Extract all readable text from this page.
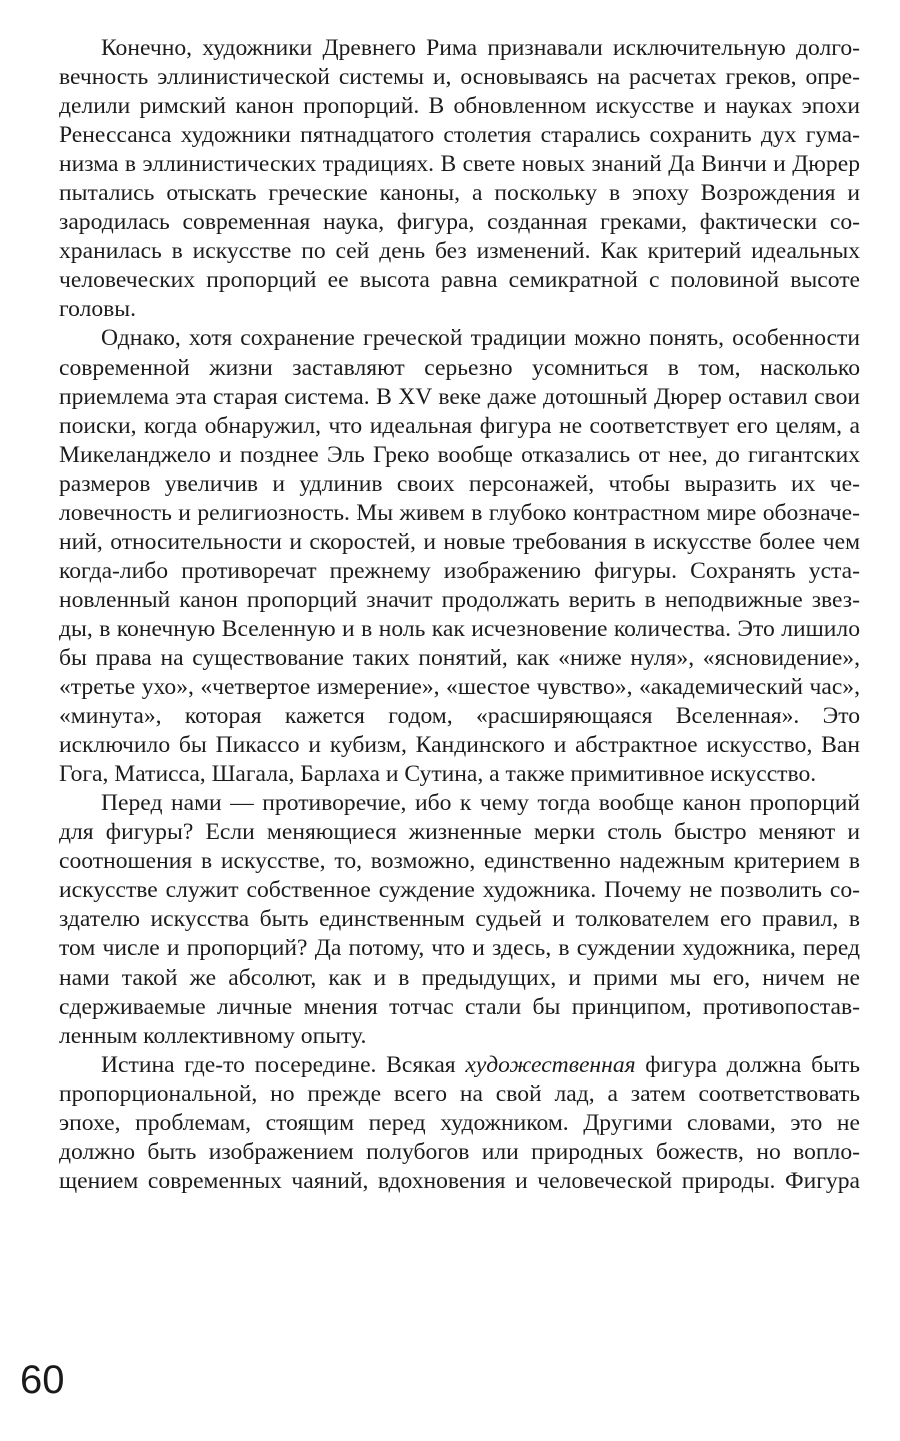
Конечно, художники Древнего Рима признавали исключительную долговечность эллинистической системы и, основываясь на расчетах греков, определили римский канон пропорций. В обновленном искусстве и науках эпохи Ренессанса художники пятнадцатого столетия старались сохранить дух гуманизма в эллинистических традициях. В свете новых знаний Да Винчи и Дюрер пытались отыскать греческие каноны, а поскольку в эпоху Возрождения и зародилась современная наука, фигура, созданная греками, фактически сохранилась в искусстве по сей день без изменений. Как критерий идеальных человеческих пропорций ее высота равна семикратной с половиной высоте головы.

Однако, хотя сохранение греческой традиции можно понять, особенности современной жизни заставляют серьезно усомниться в том, насколько приемлема эта старая система. В XV веке даже дотошный Дюрер оставил свои поиски, когда обнаружил, что идеальная фигура не соответствует его целям, а Микеланджело и позднее Эль Греко вообще отказались от нее, до гигантских размеров увеличив и удлинив своих персонажей, чтобы выразить их человечность и религиозность. Мы живем в глубоко контрастном мире обозначений, относительности и скоростей, и новые требования в искусстве более чем когда-либо противоречат прежнему изображению фигуры. Сохранять установленный канон пропорций значит продолжать верить в неподвижные звезды, в конечную Вселенную и в ноль как исчезновение количества. Это лишило бы права на существование таких понятий, как «ниже нуля», «ясновидение», «третье ухо», «четвертое измерение», «шестое чувство», «академический час», «минута», которая кажется годом, «расширяющаяся Вселенная». Это исключило бы Пикассо и кубизм, Кандинского и абстрактное искусство, Ван Гога, Матисса, Шагала, Барлаха и Сутина, а также примитивное искусство.

Перед нами — противоречие, ибо к чему тогда вообще канон пропорций для фигуры? Если меняющиеся жизненные мерки столь быстро меняют и соотношения в искусстве, то, возможно, единственно надежным критерием в искусстве служит собственное суждение художника. Почему не позволить создателю искусства быть единственным судьей и толкователем его правил, в том числе и пропорций? Да потому, что и здесь, в суждении художника, перед нами такой же абсолют, как и в предыдущих, и прими мы его, ничем не сдерживаемые личные мнения тотчас стали бы принципом, противопоставленным коллективному опыту.

Истина где-то посередине. Всякая художественная фигура должна быть пропорциональной, но прежде всего на свой лад, а затем соответствовать эпохе, проблемам, стоящим перед художником. Другими словами, это не должно быть изображением полубогов или природных божеств, но воплощением современных чаяний, вдохновения и человеческой природы. Фигура

60
